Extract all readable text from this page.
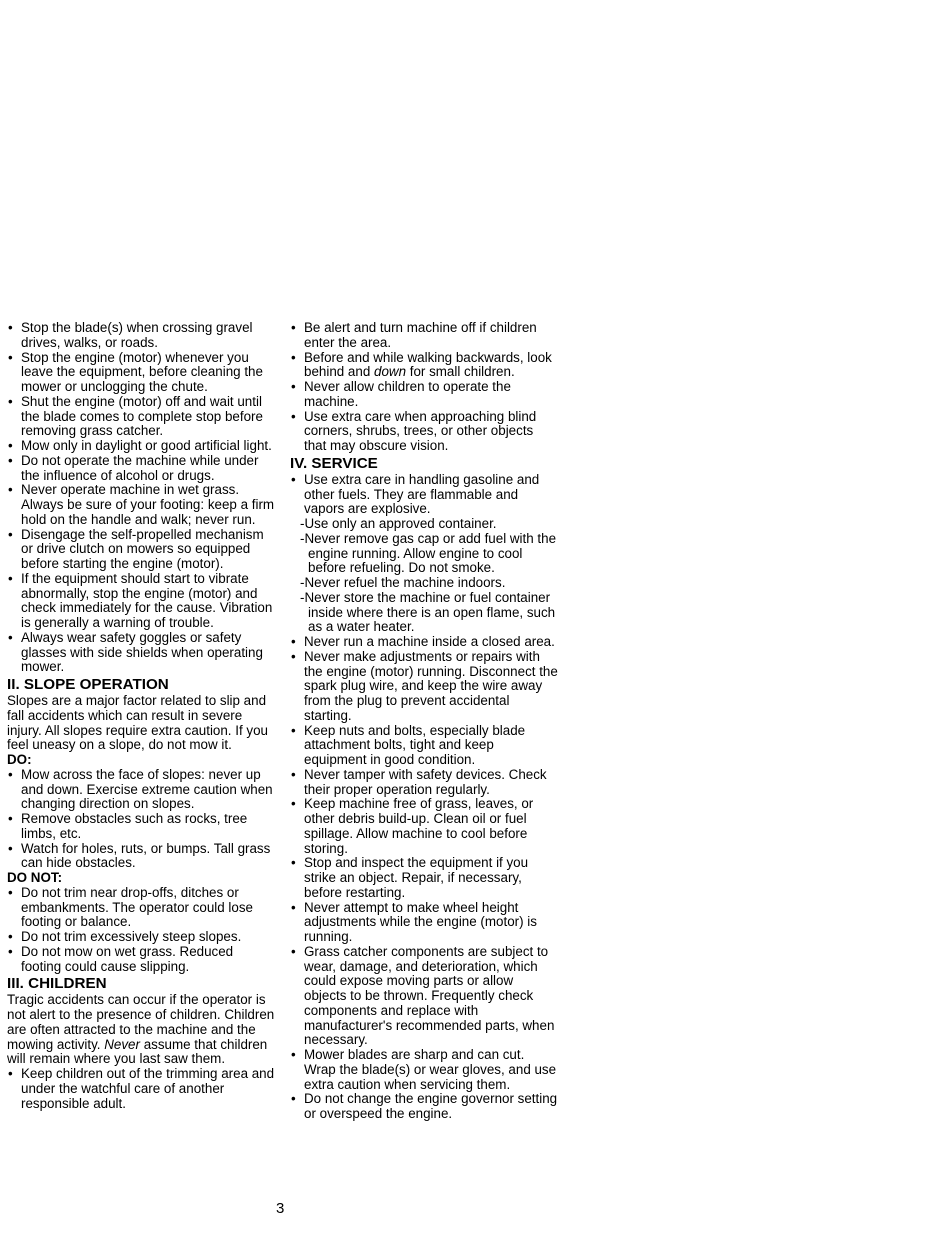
• Stop the blade(s) when crossing gravel drives, walks, or roads.
• Stop the engine (motor) whenever you leave the equipment, before cleaning the mower or unclogging the chute.
• Shut the engine (motor) off and wait until the blade comes to complete stop before removing grass catcher.
• Mow only in daylight or good artificial light.
• Do not operate the machine while under the influence of alcohol or drugs.
• Never operate machine in wet grass. Always be sure of your footing: keep a firm hold on the handle and walk; never run.
• Disengage the self-propelled mechanism or drive clutch on mowers so equipped before starting the engine (motor).
• If the equipment should start to vibrate abnormally, stop the engine (motor) and check immediately for the cause. Vibration is generally a warning of trouble.
• Always wear safety goggles or safety glasses with side shields when operating mower.
II. SLOPE OPERATION
Slopes are a major factor related to slip and fall accidents which can result in severe injury. All slopes require extra caution. If you feel uneasy on a slope, do not mow it.
DO:
• Mow across the face of slopes: never up and down. Exercise extreme caution when changing direction on slopes.
• Remove obstacles such as rocks, tree limbs, etc.
• Watch for holes, ruts, or bumps. Tall grass can hide obstacles.
DO NOT:
• Do not trim near drop-offs, ditches or embankments. The operator could lose footing or balance.
• Do not trim excessively steep slopes.
• Do not mow on wet grass. Reduced footing could cause slipping.
III. CHILDREN
Tragic accidents can occur if the operator is not alert to the presence of children. Children are often attracted to the machine and the mowing activity. Never assume that children will remain where you last saw them.
• Keep children out of the trimming area and under the watchful care of another responsible adult.
• Be alert and turn machine off if children enter the area.
• Before and while walking backwards, look behind and down for small children.
• Never allow children to operate the machine.
• Use extra care when approaching blind corners, shrubs, trees, or other objects that may obscure vision.
IV. SERVICE
• Use extra care in handling gasoline and other fuels. They are flammable and vapors are explosive.
-Use only an approved container.
-Never remove gas cap or add fuel with the engine running. Allow engine to cool before refueling. Do not smoke.
-Never refuel the machine indoors.
-Never store the machine or fuel container inside where there is an open flame, such as a water heater.
• Never run a machine inside a closed area.
• Never make adjustments or repairs with the engine (motor) running. Disconnect the spark plug wire, and keep the wire away from the plug to prevent accidental starting.
• Keep nuts and bolts, especially blade attachment bolts, tight and keep equipment in good condition.
• Never tamper with safety devices. Check their proper operation regularly.
• Keep machine free of grass, leaves, or other debris build-up. Clean oil or fuel spillage. Allow machine to cool before storing.
• Stop and inspect the equipment if you strike an object. Repair, if necessary, before restarting.
• Never attempt to make wheel height adjustments while the engine (motor) is running.
• Grass catcher components are subject to wear, damage, and deterioration, which could expose moving parts or allow objects to be thrown. Frequently check components and replace with manufacturer's recommended parts, when necessary.
• Mower blades are sharp and can cut. Wrap the blade(s) or wear gloves, and use extra caution when servicing them.
• Do not change the engine governor setting or overspeed the engine.
3
